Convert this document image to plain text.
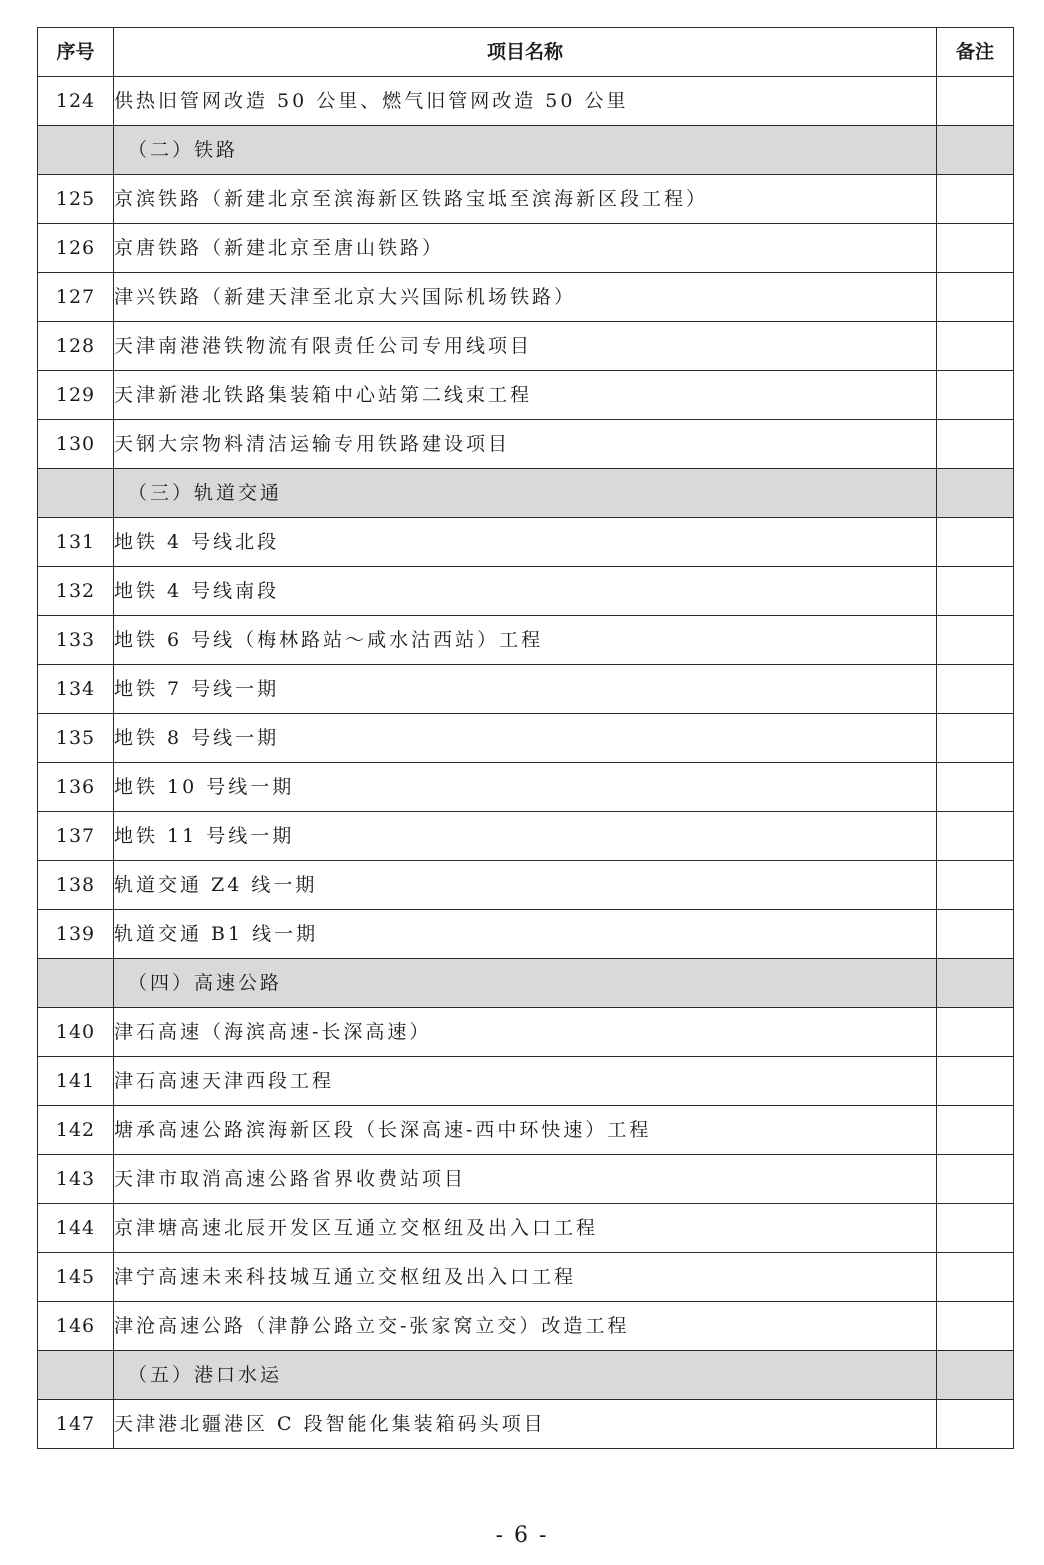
序号	项目名称	备注
124	供热旧管网改造 50 公里、燃气旧管网改造 50 公里	
	（二）铁路	
125	京滨铁路（新建北京至滨海新区铁路宝坻至滨海新区段工程）	
126	京唐铁路（新建北京至唐山铁路）	
127	津兴铁路（新建天津至北京大兴国际机场铁路）	
128	天津南港港铁物流有限责任公司专用线项目	
129	天津新港北铁路集装箱中心站第二线束工程	
130	天钢大宗物料清洁运输专用铁路建设项目	
	（三）轨道交通	
131	地铁 4 号线北段	
132	地铁 4 号线南段	
133	地铁 6 号线（梅林路站～咸水沽西站）工程	
134	地铁 7 号线一期	
135	地铁 8 号线一期	
136	地铁 10 号线一期	
137	地铁 11 号线一期	
138	轨道交通 Z4 线一期	
139	轨道交通 B1 线一期	
	（四）高速公路	
140	津石高速（海滨高速-长深高速）	
141	津石高速天津西段工程	
142	塘承高速公路滨海新区段（长深高速-西中环快速）工程	
143	天津市取消高速公路省界收费站项目	
144	京津塘高速北辰开发区互通立交枢纽及出入口工程	
145	津宁高速未来科技城互通立交枢纽及出入口工程	
146	津沧高速公路（津静公路立交-张家窝立交）改造工程	
	（五）港口水运	
147	天津港北疆港区 C 段智能化集装箱码头项目	
- 6 -
